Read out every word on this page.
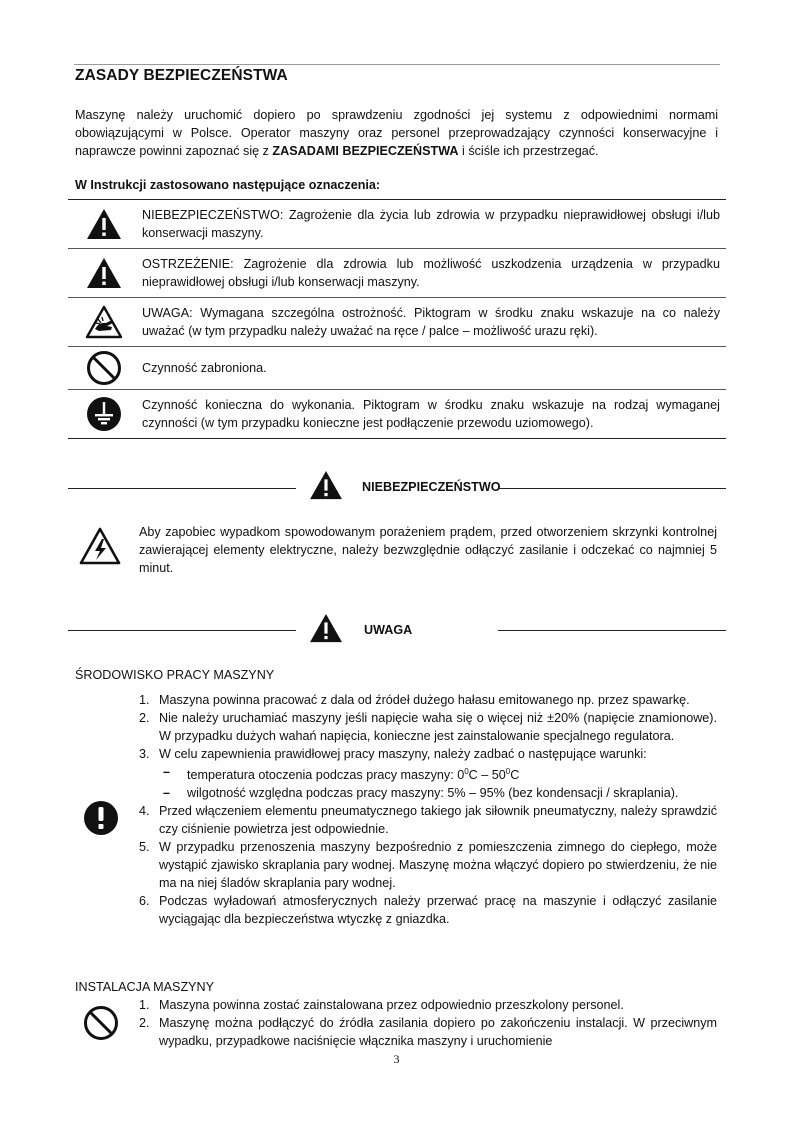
ZASADY BEZPIECZEŃSTWA
Maszynę należy uruchomić dopiero po sprawdzeniu zgodności jej systemu z odpowiednimi normami obowiązującymi w Polsce. Operator maszyny oraz personel przeprowadzający czynności konserwacyjne i naprawcze powinni zapoznać się z ZASADAMI BEZPIECZEŃSTWA i ściśle ich przestrzegać.
W Instrukcji zastosowano następujące oznaczenia:
	NIEBEZPIECZEŃSTWO: Zagrożenie dla życia lub zdrowia w przypadku nieprawidłowej obsługi i/lub konserwacji maszyny.

	OSTRZEŻENIE: Zagrożenie dla zdrowia lub możliwość uszkodzenia urządzenia w przypadku nieprawidłowej obsługi i/lub konserwacji maszyny.

	UWAGA: Wymagana szczególna ostrożność. Piktogram w środku znaku wskazuje na co należy uważać (w tym przypadku należy uważać na ręce / palce – możliwość urazu ręki).

	Czynność zabroniona.

	Czynność konieczna do wykonania. Piktogram w środku znaku wskazuje na rodzaj wymaganej czynności (w tym przypadku konieczne jest podłączenie przewodu uziomowego).
NIEBEZPIECZEŃSTWO
Aby zapobiec wypadkom spowodowanym porażeniem prądem, przed otworzeniem skrzynki kontrolnej zawierającej elementy elektryczne, należy bezwzględnie odłączyć zasilanie i odczekać co najmniej 5 minut.
UWAGA
ŚRODOWISKO PRACY MASZYNY
1. Maszyna powinna pracować z dala od źródeł dużego hałasu emitowanego np. przez spawarkę.
2. Nie należy uruchamiać maszyny jeśli napięcie waha się o więcej niż ±20% (napięcie znamionowe). W przypadku dużych wahań napięcia, konieczne jest zainstalowanie specjalnego regulatora.
3. W celu zapewnienia prawidłowej pracy maszyny, należy zadbać o następujące warunki:
– temperatura otoczenia podczas pracy maszyny: $0^0C - 50^0C$
– wilgotność względna podczas pracy maszyny: 5% – 95% (bez kondensacji / skraplania).
4. Przed włączeniem elementu pneumatycznego takiego jak siłownik pneumatyczny, należy sprawdzić czy ciśnienie powietrza jest odpowiednie.
5. W przypadku przenoszenia maszyny bezpośrednio z pomieszczenia zimnego do ciepłego, może wystąpić zjawisko skraplania pary wodnej. Maszynę można włączyć dopiero po stwierdzeniu, że nie ma na niej śladów skraplania pary wodnej.
6. Podczas wyładowań atmosferycznych należy przerwać pracę na maszynie i odłączyć zasilanie wyciągając dla bezpieczeństwa wtyczkę z gniazdka.
INSTALACJA MASZYNY
1. Maszyna powinna zostać zainstalowana przez odpowiednio przeszkolony personel.
2. Maszynę można podłączyć do źródła zasilania dopiero po zakończeniu instalacji. W przeciwnym wypadku, przypadkowe naciśnięcie włącznika maszyny i uruchomienie
3
